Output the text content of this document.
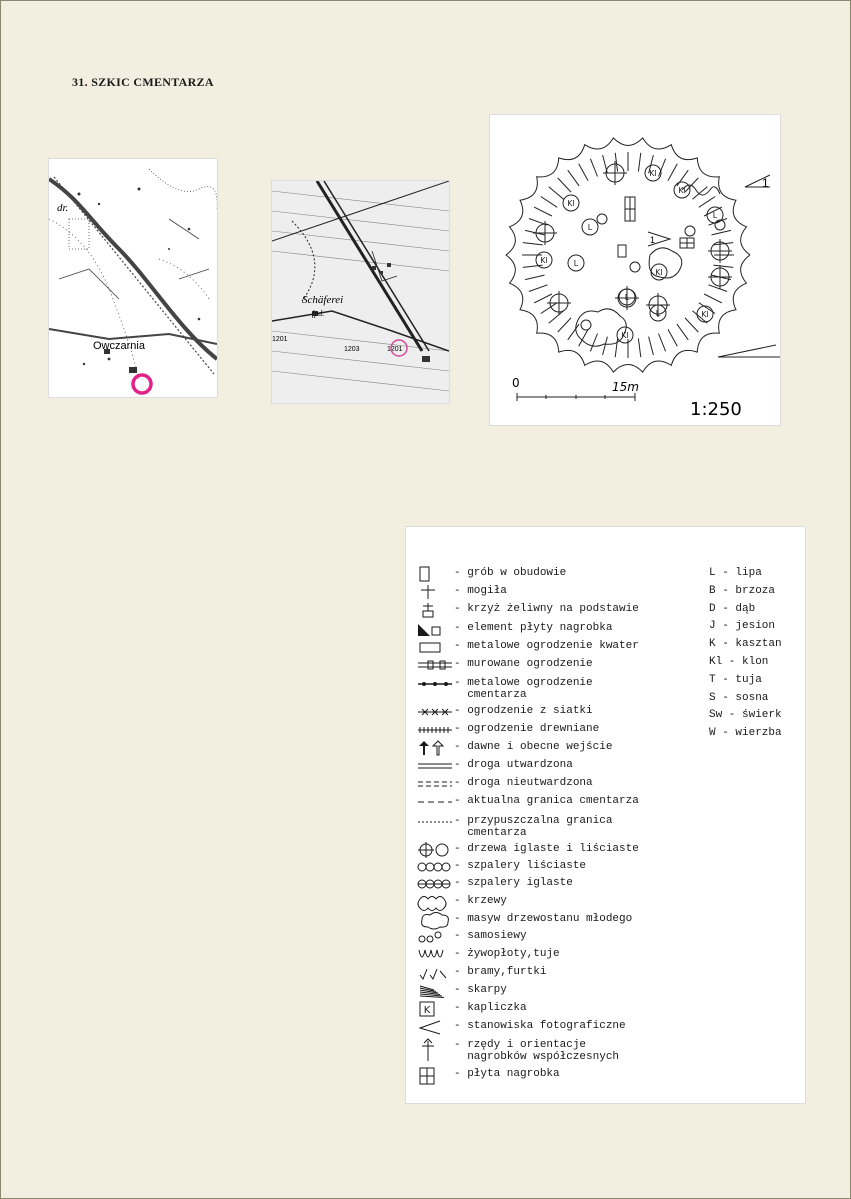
31. SZKIC CMENTARZA
dr.
Owczarnia
Schäferei
fpd.
1203	1201
1201
Kl
Kl
Kl
Kl
Kl
Kl
Kl
L
L
L
L
L
1
1
0	15m
1:250
- grób w obudowie
- mogiła
- krzyż żeliwny na podstawie
- element płyty nagrobka
- metalowe ogrodzenie kwater
- murowane ogrodzenie
- metalowe ogrodzenie
cmentarza
- ogrodzenie z siatki
- ogrodzenie drewniane
- dawne i obecne wejście
- droga utwardzona
- droga nieutwardzona
- aktualna granica cmentarza
- przypuszczalna granica
cmentarza
- drzewa iglaste i liściaste
- szpalery liściaste
- szpalery iglaste
- krzewy
- masyw drzewostanu młodego
- samosiewy
- żywopłoty,tuje
- bramy,furtki
- skarpy
K - kapliczka
- stanowiska fotograficzne
- rzędy i orientacje
nagrobków współczesnych
- płyta nagrobka
L - lipa
B - brzoza
D - dąb
J - jesion
K - kasztan
Kl - klon
T - tuja
S - sosna
Sw - świerk
W - wierzba
